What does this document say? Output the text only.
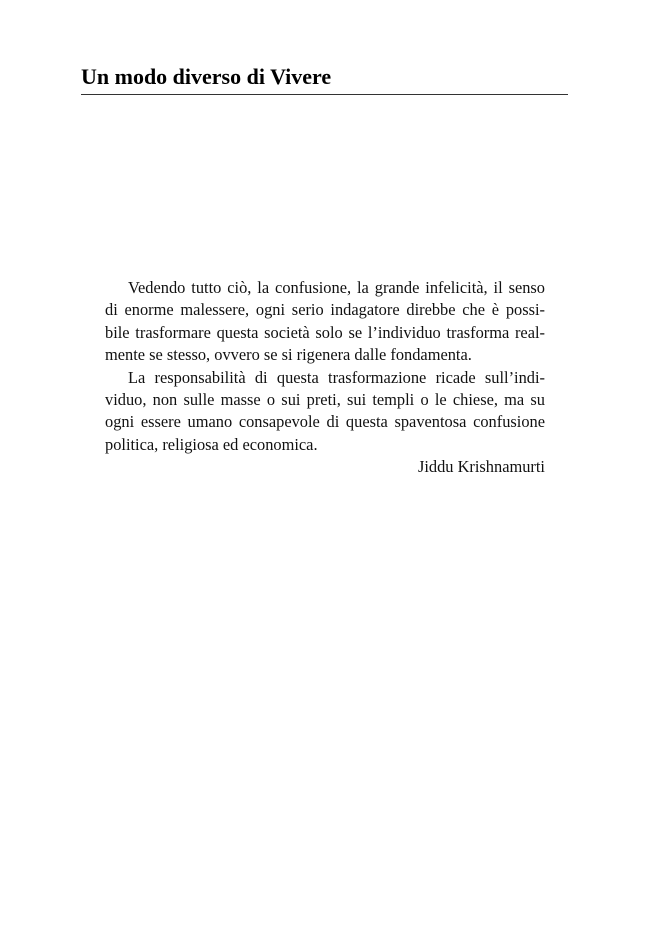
Un modo diverso di Vivere
Vedendo tutto ciò, la confusione, la grande infelicità, il senso
di enorme malessere, ogni serio indagatore direbbe che è possi-
bile trasformare questa società solo se l’individuo trasforma real-
mente se stesso, ovvero se si rigenera dalle fondamenta.
La responsabilità di questa trasformazione ricade sull’indi-
viduo, non sulle masse o sui preti, sui templi o le chiese, ma su
ogni essere umano consapevole di questa spaventosa confusione
politica, religiosa ed economica.
Jiddu Krishnamurti
